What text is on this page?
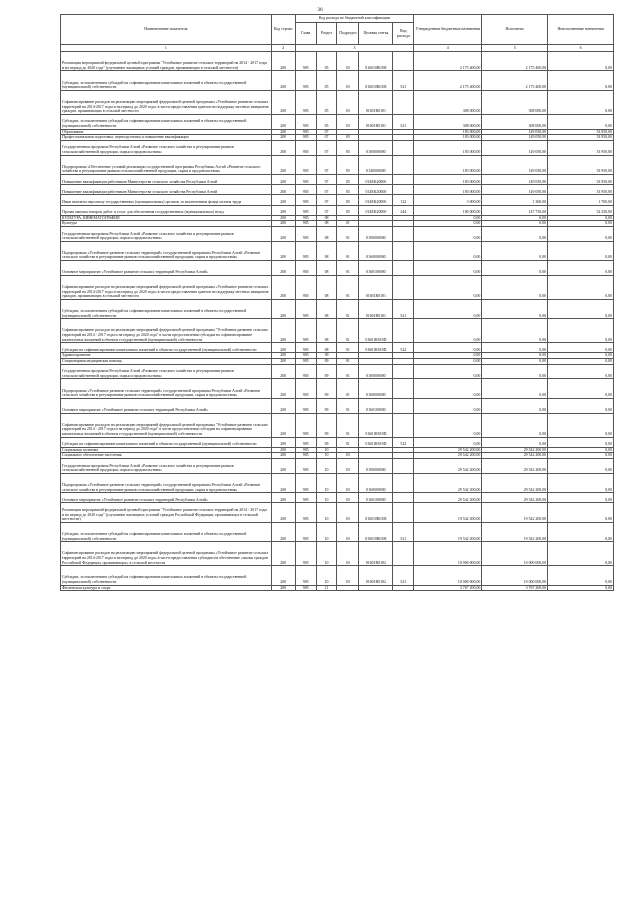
36
Наименование показателя	Код строки	Код расхода по бюджетной классификации					Утвержденные бюджетные назначения	Исполнено	Неисполненные назначения
		Глава	Раздел	Подраздел	Целевая статья	Вид расхода			
1	2	3					4	5	6
Реализация мероприятий федеральной целевой программы "Устойчивое развитие сельских территорий на 2014 - 2017 годы и на период до 2020 года" (улучшение жилищных условий граждан, проживающих в сельской местности)	200	905	05	03	016010R018I		2 175 400,00	2 175 400,00	0,00
Субсидии, за исключением субсидий на софинансирование капитальных вложений в объекты государственной (муниципальной) собственности	200	905	05	03	016010R018I	521	2 175 400,00	2 175 400,00	0,00
Софинансирование расходов на реализацию мероприятий федеральной целевой программы «Устойчивое развитие сельских территорий на 2014-2017 годы и на период до 2020 года» в части предоставления грантов на поддержку местных инициатив граждан, проживающих в сельской местности	200	905	05	03	01601R0181		308 000,00	308 000,00	0,00
Субсидии, за исключением субсидий на софинансирование капитальных вложений в объекты государственной (муниципальной) собственности	200	905	05	03	01601R0181	521	308 000,00	308 000,00	0,00
Образование	200	905	07				183 000,00	149 050,00	33 950,00
Профессиональная подготовка, переподготовка и повышение квалификации	200	905	07	05			183 000,00	149 050,00	33 950,00
Государственная программа Республики Алтай «Развитие сельского хозяйства и регулирование рынков сельскохозяйственной продукции, сырья и продовольствия»	200	905	07	05	0100000000		183 000,00	149 050,00	33 950,00
Подпрограмма «Обеспечение условий реализации государственной программы Республики Алтай «Развитие сельского хозяйства и регулирование рынков сельскохозяйственной продукции, сырья и продовольствия»	200	905	07	05	0140000000		183 000,00	149 050,00	33 950,00
Повышение квалификации работников Министерства сельского хозяйства Республики Алтай	200	905	07	05	014EK20000		183 000,00	149 050,00	33 950,00
Повышение квалификации работников Министерства сельского хозяйства Республики Алтай	200	905	07	05	014EK20000		183 000,00	149 050,00	33 950,00
Иные выплаты персоналу государственных (муниципальных) органов, за исключением фонда оплаты труда	200	905	07	05	014EK20000	122	3 000,00	1 300,00	1 700,00
Прочая закупка товаров, работ и услуг для обеспечения государственных (муниципальных) нужд	200	905	07	05	014EK20000	244	180 000,00	147 750,00	32 250,00
КУЛЬТУРА, КИНЕМАТОГРАФИЯ	200	905	08				0,00	0,00	0,00
Культура	200	905	08	01			0,00	0,00	0,00
Государственная программа Республики Алтай «Развитие сельского хозяйства и регулирование рынков сельскохозяйственной продукции, сырья и продовольствия»	200	905	08	01	0100000000		0,00	0,00	0,00
Подпрограмма «Устойчивое развитие сельских территорий» государственной программы Республики Алтай «Развитие сельского хозяйства и регулирование рынков сельскохозяйственной продукции, сырья и продовольствия»	200	905	08	01	0160000000		0,00	0,00	0,00
Основное мероприятие «Устойчивое развитие сельских территорий Республики Алтай»	200	905	08	01	0160100000		0,00	0,00	0,00
Софинансирование расходов на реализацию мероприятий федеральной целевой программы «Устойчивое развитие сельских территорий на 2014-2017 годы и на период до 2020 года» в части предоставления грантов на поддержку местных инициатив граждан, проживающих в сельской местности	200	905	08	01	01601R0181		0,00	0,00	0,00
Субсидии, за исключением субсидий на софинансирование капитальных вложений в объекты государственной (муниципальной) собственности	200	905	08	01	01601R0181	521	0,00	0,00	0,00
Софинансирование расходов на реализацию мероприятий федеральной целевой программы "Устойчивое развитие сельских территорий на 2014 - 2017 годы и на период до 2020 года" в части предоставления субсидии на софинансирование капитальных вложений в объекты государственной (муниципальной) собственности	200	905	08	01	01601R018D		0,00	0,00	0,00
Субсидии на софинансирование капитальных вложений в объекты государственной (муниципальной) собственности	200	905	08	01	01601R018D	522	0,00	0,00	0,00
Здравоохранение	200	905	09				0,00	0,00	0,00
Стационарная медицинская помощь	200	905	09	01			0,00	0,00	0,00
Государственная программа Республики Алтай «Развитие сельского хозяйства и регулирование рынков сельскохозяйственной продукции, сырья и продовольствия»	200	905	09	01	0100000000		0,00	0,00	0,00
Подпрограмма «Устойчивое развитие сельских территорий» государственной программы Республики Алтай «Развитие сельского хозяйства и регулирование рынков сельскохозяйственной продукции, сырья и продовольствия»	200	905	09	01	0160000000		0,00	0,00	0,00
Основное мероприятие «Устойчивое развитие сельских территорий Республики Алтай»	200	905	09	01	0160100000		0,00	0,00	0,00
Софинансирование расходов на реализацию мероприятий федеральной целевой программы "Устойчивое развитие сельских территорий на 2014 - 2017 годы и на период до 2020 года" в части предоставления субсидии на софинансирование капитальных вложений в объекты государственной (муниципальной) собственности	200	905	09	01	01601R018D		0,00	0,00	0,00
Субсидии на софинансирование капитальных вложений в объекты государственной (муниципальной) собственности	200	905	09	01	01601R018D	522	0,00	0,00	0,00
Социальная политика	200	905	10				29 542 200,00	29 542 200,00	0,00
Социальное обеспечение населения	200	905	10	03			29 542 200,00	29 542 200,00	0,00
Государственная программа Республики Алтай «Развитие сельского хозяйства и регулирование рынков сельскохозяйственной продукции, сырья и продовольствия»	200	905	10	03	0100000000		29 542 200,00	29 542 200,00	0,00
Подпрограмма «Устойчивое развитие сельских территорий» государственной программы Республики Алтай «Развитие сельского хозяйства и регулирование рынков сельскохозяйственной продукции, сырья и продовольствия»	200	905	10	03	0160000000		29 542 200,00	29 542 200,00	0,00
Основное мероприятие «Устойчивое развитие сельских территорий Республики Алтай»	200	905	10	03	0160100000		29 542 200,00	29 542 200,00	0,00
Реализация мероприятий федеральной целевой программы "Устойчивое развитие сельских территорий на 2014 - 2017 годы и на период до 2020 года" (улучшение жилищных условий граждан Российской Федерации, проживающих в сельской местности)	200	905	10	03	016010R018I		19 542 200,00	19 542 200,00	0,00
Субсидии, за исключением субсидий на софинансирование капитальных вложений в объекты государственной (муниципальной) собственности	200	905	10	03	016010R018I	521	19 542 200,00	19 542 200,00	0,00
Софинансирование расходов на реализацию мероприятий федеральной целевой программы «Устойчивое развитие сельских территорий на 2014-2017 годы и на период до 2020 года» в части предоставления субсидии на обеспечение «жилья граждан Российской Федерации, проживающих» в сельской местности	200	905	10	03	01601R0182		10 000 000,00	10 000 000,00	0,00
Субсидии, за исключением субсидий на софинансирование капитальных вложений в объекты государственной (муниципальной) собственности	200	905	10	03	01601R0182	521	10 000 000,00	10 000 000,00	0,00
Физическая культура и спорт	200	905	11				3 767 200,00	3 767 200,00	0,00
